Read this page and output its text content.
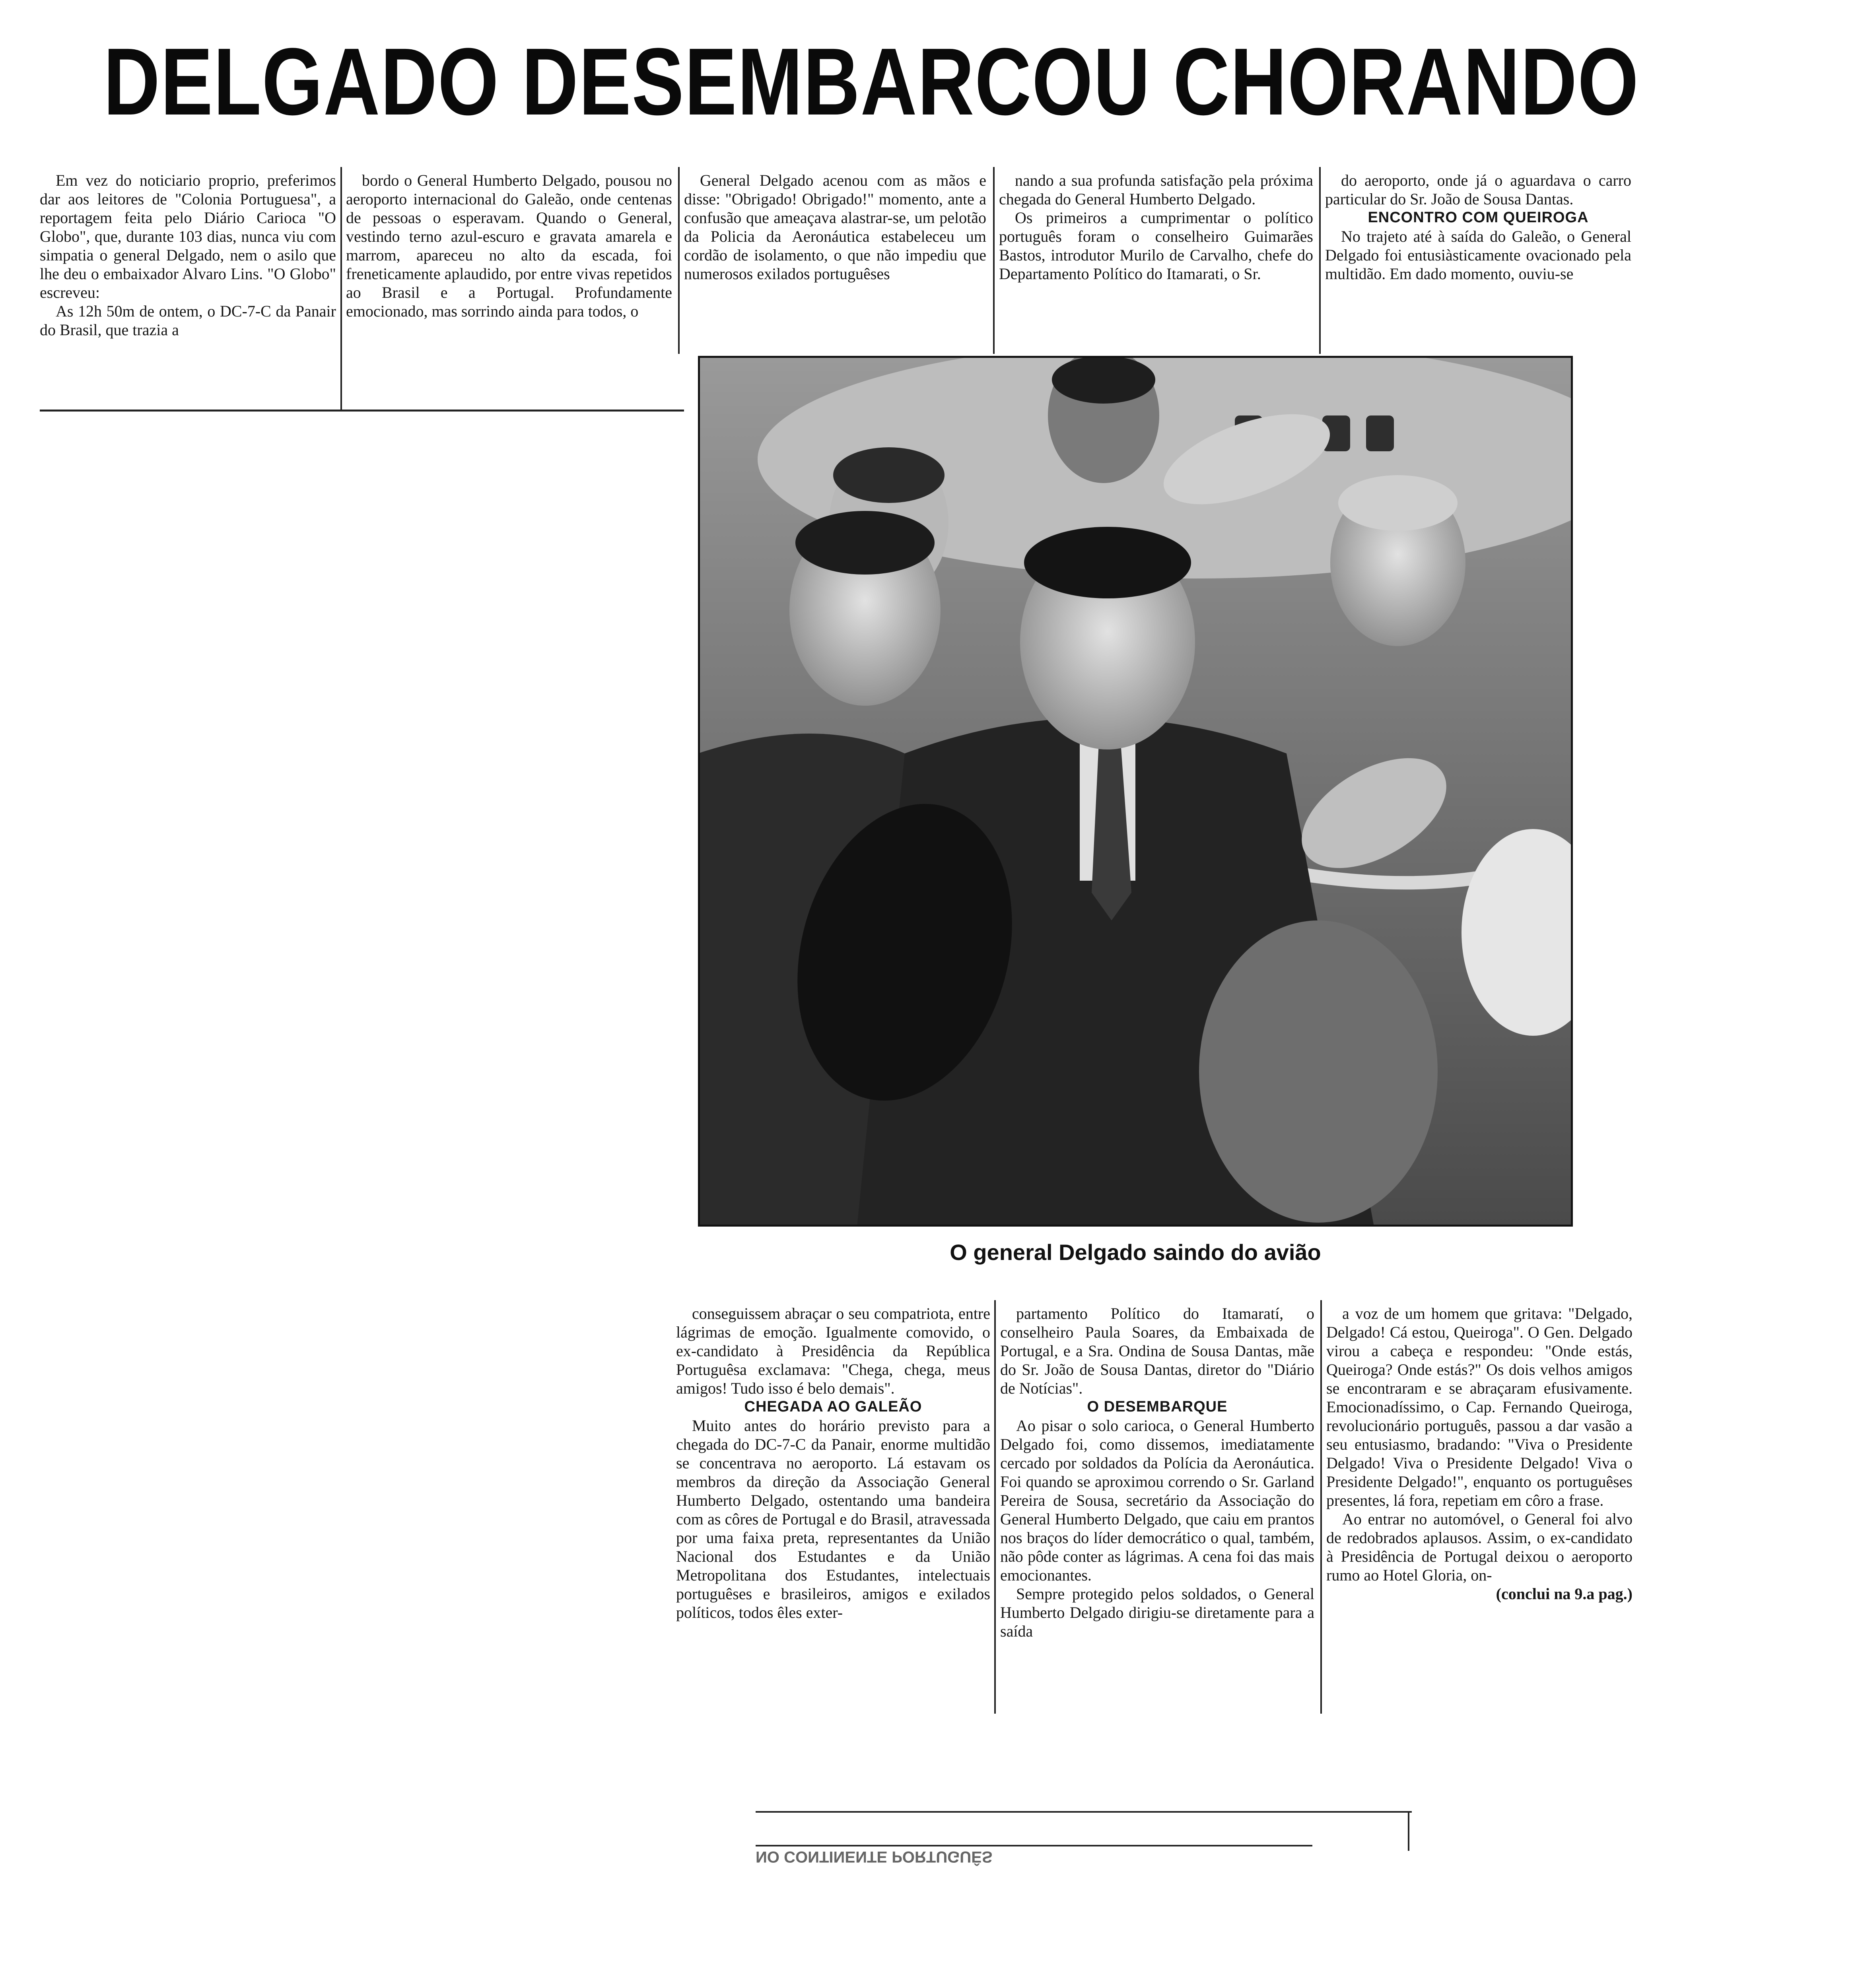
DELGADO DESEMBARCOU CHORANDO

Em vez do noticiario proprio, preferimos dar aos leitores de "Colonia Portuguesa", a reportagem feita pelo Diário Carioca "O Globo", que, durante 103 dias, nunca viu com simpatia o general Delgado, nem o asilo que lhe deu o embaixador Alvaro Lins. "O Globo" escreveu:

As 12h 50m de ontem, o DC-7-C da Panair do Brasil, que trazia a

bordo o General Humberto Delgado, pousou no aeroporto internacional do Galeão, onde centenas de pessoas o esperavam. Quando o General, vestindo terno azul-escuro e gravata amarela e marrom, apareceu no alto da escada, foi freneticamente aplaudido, por entre vivas repetidos ao Brasil e a Portugal. Profundamente emocionado, mas sorrindo ainda para todos, o

General Delgado acenou com as mãos e disse: "Obrigado! Obrigado!" momento, ante a confusão que ameaçava alastrar-se, um pelotão da Policia da Aeronáutica estabeleceu um cordão de isolamento, o que não impediu que numerosos exilados portuguêses

nando a sua profunda satisfação pela próxima chegada do General Humberto Delgado.

Os primeiros a cumprimentar o político português foram o conselheiro Guimarães Bastos, introdutor Murilo de Carvalho, chefe do Departamento Político do Itamarati, o Sr.

do aeroporto, onde já o aguardava o carro particular do Sr. João de Sousa Dantas.

ENCONTRO COM QUEIROGA

No trajeto até à saída do Galeão, o General Delgado foi entusiàsticamente ovacionado pela multidão. Em dado momento, ouviu-se

O general Delgado saindo do avião

conseguissem abraçar o seu compatriota, entre lágrimas de emoção. Igualmente comovido, o ex-candidato à Presidência da República Portuguêsa exclamava: "Chega, chega, meus amigos! Tudo isso é belo demais".

CHEGADA AO GALEÃO

Muito antes do horário previsto para a chegada do DC-7-C da Panair, enorme multidão se concentrava no aeroporto. Lá estavam os membros da direção da Associação General Humberto Delgado, ostentando uma bandeira com as côres de Portugal e do Brasil, atravessada por uma faixa preta, representantes da União Nacional dos Estudantes e da União Metropolitana dos Estudantes, intelectuais portuguêses e brasileiros, amigos e exilados políticos, todos êles exter-

partamento Político do Itamaratí, o conselheiro Paula Soares, da Embaixada de Portugal, e a Sra. Ondina de Sousa Dantas, mãe do Sr. João de Sousa Dantas, diretor do "Diário de Notícias".

O DESEMBARQUE

Ao pisar o solo carioca, o General Humberto Delgado foi, como dissemos, imediatamente cercado por soldados da Polícia da Aeronáutica. Foi quando se aproximou correndo o Sr. Garland Pereira de Sousa, secretário da Associação do General Humberto Delgado, que caiu em prantos nos braços do líder democrático o qual, também, não pôde conter as lágrimas. A cena foi das mais emocionantes.

Sempre protegido pelos soldados, o General Humberto Delgado dirigiu-se diretamente para a saída

a voz de um homem que gritava: "Delgado, Delgado! Cá estou, Queiroga". O Gen. Delgado virou a cabeça e respondeu: "Onde estás, Queiroga? Onde estás?" Os dois velhos amigos se encontraram e se abraçaram efusivamente. Emocionadíssimo, o Cap. Fernando Queiroga, revolucionário português, passou a dar vasão a seu entusiasmo, bradando: "Viva o Presidente Delgado! Viva o Presidente Delgado! Viva o Presidente Delgado!", enquanto os portuguêses presentes, lá fora, repetiam em côro a frase.

Ao entrar no automóvel, o General foi alvo de redobrados aplausos. Assim, o ex-candidato à Presidência de Portugal deixou o aeroporto rumo ao Hotel Gloria, on-

(conclui na 9.a pag.)

NO CONTINENTE PORTUGUÊS
